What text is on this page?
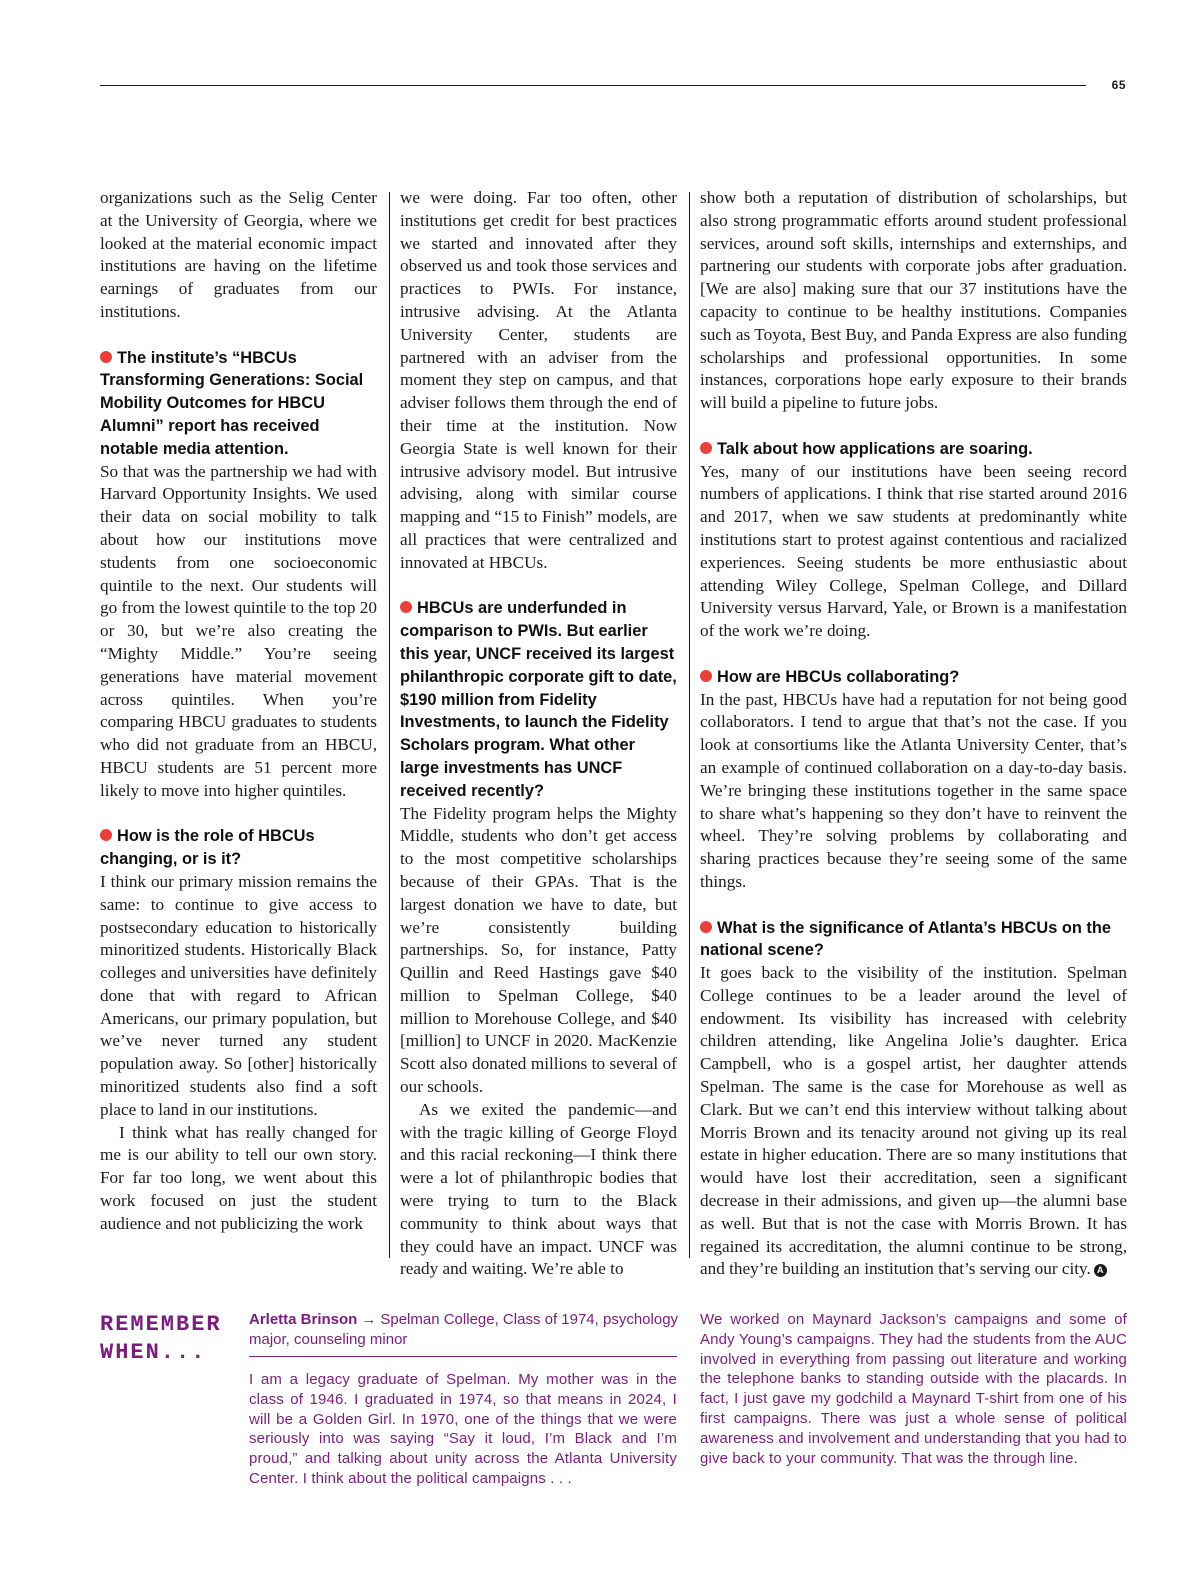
65

organizations such as the Selig Center at the University of Georgia, where we looked at the material economic impact institutions are having on the lifetime earnings of graduates from our institutions.

The institute’s “HBCUs Transforming Generations: Social Mobility Outcomes for HBCU Alumni” report has received notable media attention.

So that was the partnership we had with Harvard Opportunity Insights. We used their data on social mobility to talk about how our institutions move students from one socioeconomic quintile to the next. Our students will go from the lowest quintile to the top 20 or 30, but we’re also creating the “Mighty Middle.” You’re seeing generations have material movement across quintiles. When you’re comparing HBCU graduates to students who did not graduate from an HBCU, HBCU students are 51 percent more likely to move into higher quintiles.

How is the role of HBCUs changing, or is it?

I think our primary mission remains the same: to continue to give access to postsecondary education to historically minoritized students. Historically Black colleges and universities have definitely done that with regard to African Americans, our primary population, but we’ve never turned any student population away. So [other] historically minoritized students also find a soft place to land in our institutions.

I think what has really changed for me is our ability to tell our own story. For far too long, we went about this work focused on just the student audience and not publicizing the work

we were doing. Far too often, other institutions get credit for best practices we started and innovated after they observed us and took those services and practices to PWIs. For instance, intrusive advising. At the Atlanta University Center, students are partnered with an adviser from the moment they step on campus, and that adviser follows them through the end of their time at the institution. Now Georgia State is well known for their intrusive advisory model. But intrusive advising, along with similar course mapping and “15 to Finish” models, are all practices that were centralized and innovated at HBCUs.

HBCUs are underfunded in comparison to PWIs. But earlier this year, UNCF received its largest philanthropic corporate gift to date, $190 million from Fidelity Investments, to launch the Fidelity Scholars program. What other large investments has UNCF received recently?

The Fidelity program helps the Mighty Middle, students who don’t get access to the most competitive scholarships because of their GPAs. That is the largest donation we have to date, but we’re consistently building partnerships. So, for instance, Patty Quillin and Reed Hastings gave $40 million to Spelman College, $40 million to Morehouse College, and $40 [million] to UNCF in 2020. MacKenzie Scott also donated millions to several of our schools.

As we exited the pandemic—and with the tragic killing of George Floyd and this racial reckoning—I think there were a lot of philanthropic bodies that were trying to turn to the Black community to think about ways that they could have an impact. UNCF was ready and waiting. We’re able to

show both a reputation of distribution of scholarships, but also strong programmatic efforts around student professional services, around soft skills, internships and externships, and partnering our students with corporate jobs after graduation. [We are also] making sure that our 37 institutions have the capacity to continue to be healthy institutions. Companies such as Toyota, Best Buy, and Panda Express are also funding scholarships and professional opportunities. In some instances, corporations hope early exposure to their brands will build a pipeline to future jobs.

Talk about how applications are soaring.

Yes, many of our institutions have been seeing record numbers of applications. I think that rise started around 2016 and 2017, when we saw students at predominantly white institutions start to protest against contentious and racialized experiences. Seeing students be more enthusiastic about attending Wiley College, Spelman College, and Dillard University versus Harvard, Yale, or Brown is a manifestation of the work we’re doing.

How are HBCUs collaborating?

In the past, HBCUs have had a reputation for not being good collaborators. I tend to argue that that’s not the case. If you look at consortiums like the Atlanta University Center, that’s an example of continued collaboration on a day-to-day basis. We’re bringing these institutions together in the same space to share what’s happening so they don’t have to reinvent the wheel. They’re solving problems by collaborating and sharing practices because they’re seeing some of the same things.

What is the significance of Atlanta’s HBCUs on the national scene?

It goes back to the visibility of the institution. Spelman College continues to be a leader around the level of endowment. Its visibility has increased with celebrity children attending, like Angelina Jolie’s daughter. Erica Campbell, who is a gospel artist, her daughter attends Spelman. The same is the case for Morehouse as well as Clark. But we can’t end this interview without talking about Morris Brown and its tenacity around not giving up its real estate in higher education. There are so many institutions that would have lost their accreditation, seen a significant decrease in their admissions, and given up—the alumni base as well. But that is not the case with Morris Brown. It has regained its accreditation, the alumni continue to be strong, and they’re building an institution that’s serving our city. A

REMEMBER
WHEN...
Arletta Brinson → Spelman College, Class of 1974, psychology major, counseling minor

I am a legacy graduate of Spelman. My mother was in the class of 1946. I graduated in 1974, so that means in 2024, I will be a Golden Girl. In 1970, one of the things that we were seriously into was saying “Say it loud, I’m Black and I’m proud,” and talking about unity across the Atlanta University Center. I think about the political campaigns . . .

We worked on Maynard Jackson’s campaigns and some of Andy Young’s campaigns. They had the students from the AUC involved in everything from passing out literature and working the telephone banks to standing outside with the placards. In fact, I just gave my godchild a Maynard T-shirt from one of his first campaigns. There was just a whole sense of political awareness and involvement and understanding that you had to give back to your community. That was the through line.
